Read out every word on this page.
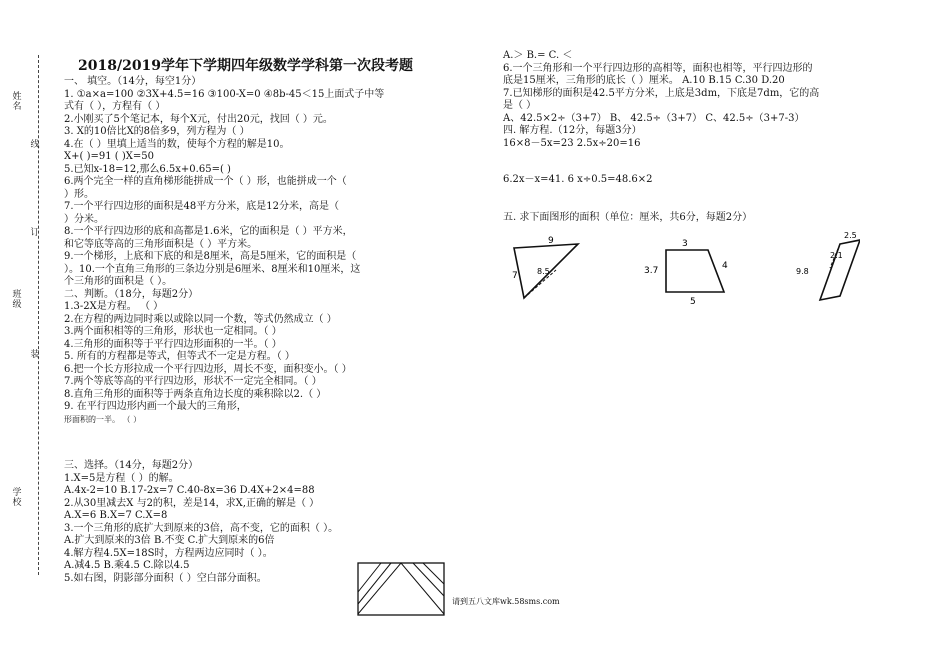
姓名
线
订
班级
装
学校
2018/2019学年下学期四年级数学学科第一次段考题
一、 填空。（14分，每空1分）
1. ①a×a=100 ②3X+4.5=16 ③100-X=0 ④8b-45＜15上面式子中等
式有（ ），方程有（ ）
2.小刚买了5个笔记本，每个X元，付出20元，找回（ ）元。
3. X的10倍比X的8倍多9，列方程为（ ）
4.在（ ）里填上适当的数，使每个方程的解是10。
X+( )=91 ( )X=50
5.已知x-18=12,那么6.5x+0.65=( )
6.两个完全一样的直角梯形能拼成一个（ ）形，也能拼成一个（
）形。
7.一个平行四边形的面积是48平方分米，底是12分米，高是（
）分米。
8.一个平行四边形的底和高都是1.6米，它的面积是（ ）平方米，
和它等底等高的三角形面积是（ ）平方米。
9.一个梯形，上底和下底的和是8厘米，高是5厘米，它的面积是（
）。10.一个直角三角形的三条边分别是6厘米、8厘米和10厘米，这
个三角形的面积是（ ）。
二、判断。（18分，每题2分）
1.3-2X是方程。 （ ）
2.在方程的两边同时乘以或除以同一个数，等式仍然成立（ ）
3.两个面积相等的三角形，形状也一定相同。（ ）
4.三角形的面积等于平行四边形面积的一半。（ ）
5. 所有的方程都是等式，但等式不一定是方程。（ ）
6.把一个长方形拉成一个平行四边形，周长不变，面积变小。（ ）
7.两个等底等高的平行四边形，形状不一定完全相同。（ ）
8.直角三角形的面积等于两条直角边长度的乘积除以2.（ ）
9. 在平行四边形内画一个最大的三角形，
形面积的一半。 （ ）
三、选择。（14分，每题2分）
1.X=5是方程（ ）的解。
A.4x-2=10 B.17-2x=7 C.40-8x=36 D.4X+2×4=88
2.从30里减去X 与2的积，差是14，求X,正确的解是（ ）
A.X=6 B.X=7 C.X=8
3.一个三角形的底扩大到原来的3倍，高不变，它的面积（ ）。
A.扩大到原来的3倍 B.不变 C.扩大到原来的6倍
4.解方程4.5X=18S时，方程两边应同时（ ）。
A.减4.5 B.乘4.5 C.除以4.5
5.如右图，阴影部分面积（ ）空白部分面积。
A.＞ B.= C. ＜
6.一个三角形和一个平行四边形的高相等，面积也相等，平行四边形的
底是15厘米，三角形的底长（ ）厘米。 A.10 B.15 C.30 D.20
7.已知梯形的面积是42.5平方分米，上底是3dm，下底是7dm，它的高
是（ ）
A、42.5×2÷（3+7） B、 42.5÷（3+7） C、42.5÷（3+7-3）
四. 解方程.（12分，每题3分）
16×8－5x=23 2.5x÷20=16
6.2x－x=41. 6 x÷0.5=48.6×2
五. 求下面图形的面积（单位：厘米，共6分，每题2分）
9
7 8.5
3
3.7	4
5
2.5
9.8
2.1
请到五八文库wk.58sms.com
